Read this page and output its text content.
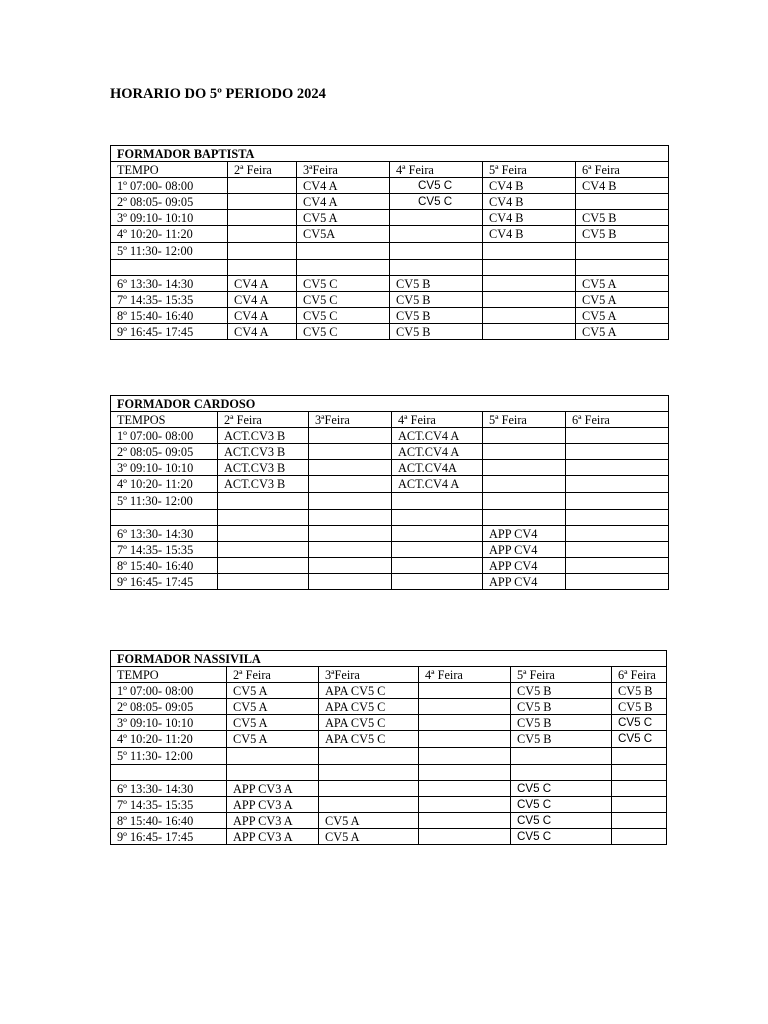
HORARIO DO 5º PERIODO 2024
FORMADOR BAPTISTA					
TEMPO	2ª Feira	3ªFeira	4ª Feira	5ª Feira	6ª Feira
1º 07:00- 08:00		CV4 A	CV5 C	CV4 B	CV4 B
2º 08:05- 09:05		CV4 A	CV5 C	CV4 B	
3º 09:10- 10:10		CV5 A		CV4 B	CV5 B
4º 10:20- 11:20		CV5A		CV4 B	CV5 B
5º 11:30- 12:00					

6º 13:30- 14:30	CV4 A	CV5 C	CV5 B		CV5 A
7º 14:35- 15:35	CV4 A	CV5 C	CV5 B		CV5 A
8º 15:40- 16:40	CV4 A	CV5 C	CV5 B		CV5 A
9º 16:45- 17:45	CV4 A	CV5 C	CV5 B		CV5 A
FORMADOR CARDOSO					
TEMPOS	2ª Feira	3ªFeira	4ª Feira	5ª Feira	6ª Feira
1º 07:00- 08:00	ACT.CV3 B		ACT.CV4 A		
2º 08:05- 09:05	ACT.CV3 B		ACT.CV4 A		
3º 09:10- 10:10	ACT.CV3 B		ACT.CV4A		
4º 10:20- 11:20	ACT.CV3 B		ACT.CV4 A		
5º 11:30- 12:00					

6º 13:30- 14:30				APP CV4	
7º 14:35- 15:35				APP CV4	
8º 15:40- 16:40				APP CV4	
9º 16:45- 17:45				APP CV4	
FORMADOR NASSIVILA					
TEMPO	2ª Feira	3ªFeira	4ª Feira	5ª Feira	6ª Feira
1º 07:00- 08:00	CV5 A	APA CV5 C		CV5 B	CV5 B
2º 08:05- 09:05	CV5 A	APA CV5 C		CV5 B	CV5 B
3º 09:10- 10:10	CV5 A	APA CV5 C		CV5 B	CV5 C
4º 10:20- 11:20	CV5 A	APA CV5 C		CV5 B	CV5 C
5º 11:30- 12:00					

6º 13:30- 14:30	APP CV3 A			CV5 C	
7º 14:35- 15:35	APP CV3 A			CV5 C	
8º 15:40- 16:40	APP CV3 A	CV5 A		CV5 C	
9º 16:45- 17:45	APP CV3 A	CV5 A		CV5 C	
